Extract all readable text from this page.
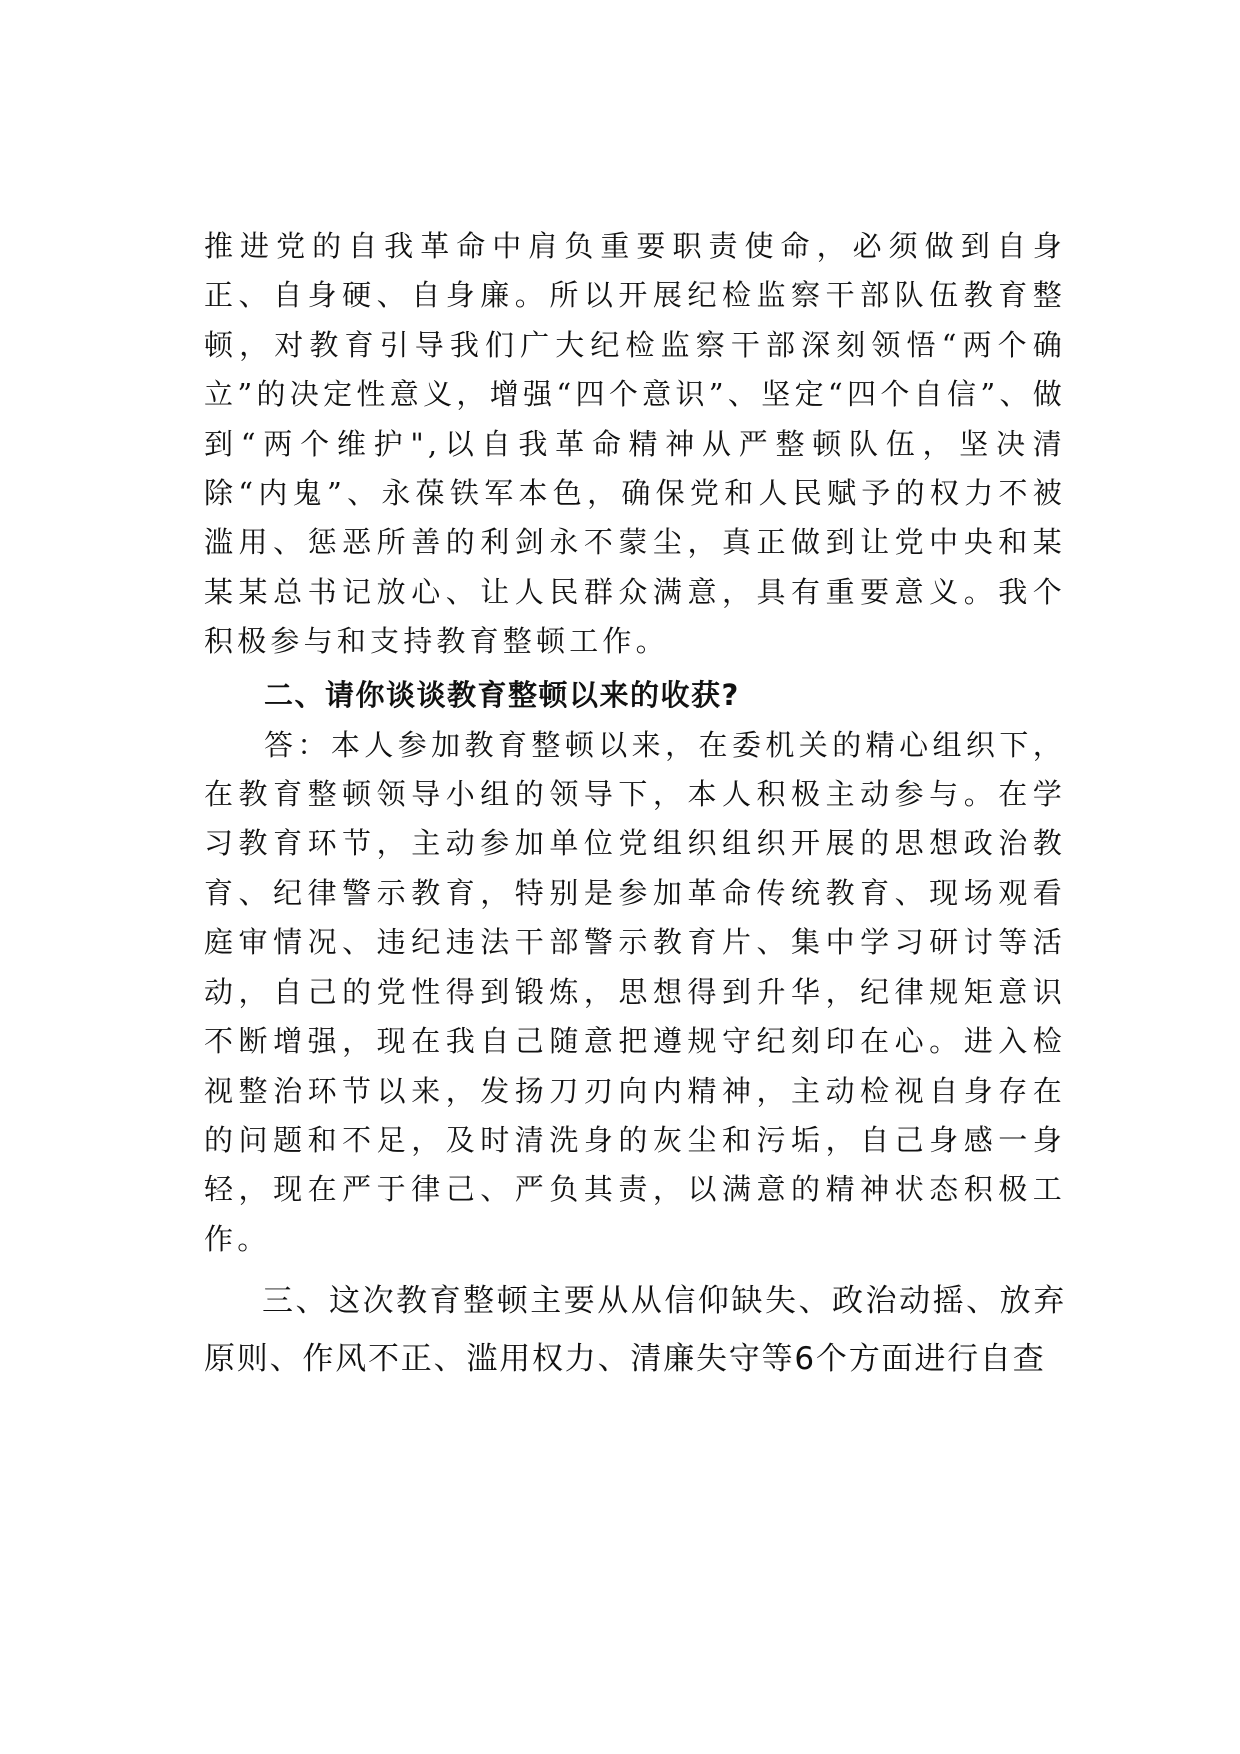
推进党的自我革命中肩负重要职责使命，必须做到自身正、自身硬、自身廉。所以开展纪检监察干部队伍教育整顿，对教育引导我们广大纪检监察干部深刻领悟“两个确立”的决定性意义，增强“四个意识”、坚定“四个自信”、做到“两个维护",以自我革命精神从严整顿队伍，坚决清除“内鬼”、永葆铁军本色，确保党和人民赋予的权力不被滥用、惩恶所善的利剑永不蒙尘，真正做到让党中央和某某某总书记放心、让人民群众满意，具有重要意义。我个积极参与和支持教育整顿工作。

二、请你谈谈教育整顿以来的收获?

答：本人参加教育整顿以来，在委机关的精心组织下，在教育整顿领导小组的领导下，本人积极主动参与。在学习教育环节，主动参加单位党组织组织开展的思想政治教育、纪律警示教育，特别是参加革命传统教育、现场观看庭审情况、违纪违法干部警示教育片、集中学习研讨等活动，自己的党性得到锻炼，思想得到升华，纪律规矩意识不断增强，现在我自己随意把遵规守纪刻印在心。进入检视整治环节以来，发扬刀刃向内精神，主动检视自身存在的问题和不足，及时清洗身的灰尘和污垢，自己身感一身轻，现在严于律己、严负其责，以满意的精神状态积极工作。

三、这次教育整顿主要从从信仰缺失、政治动摇、放弃原则、作风不正、滥用权力、清廉失守等6个方面进行自查
